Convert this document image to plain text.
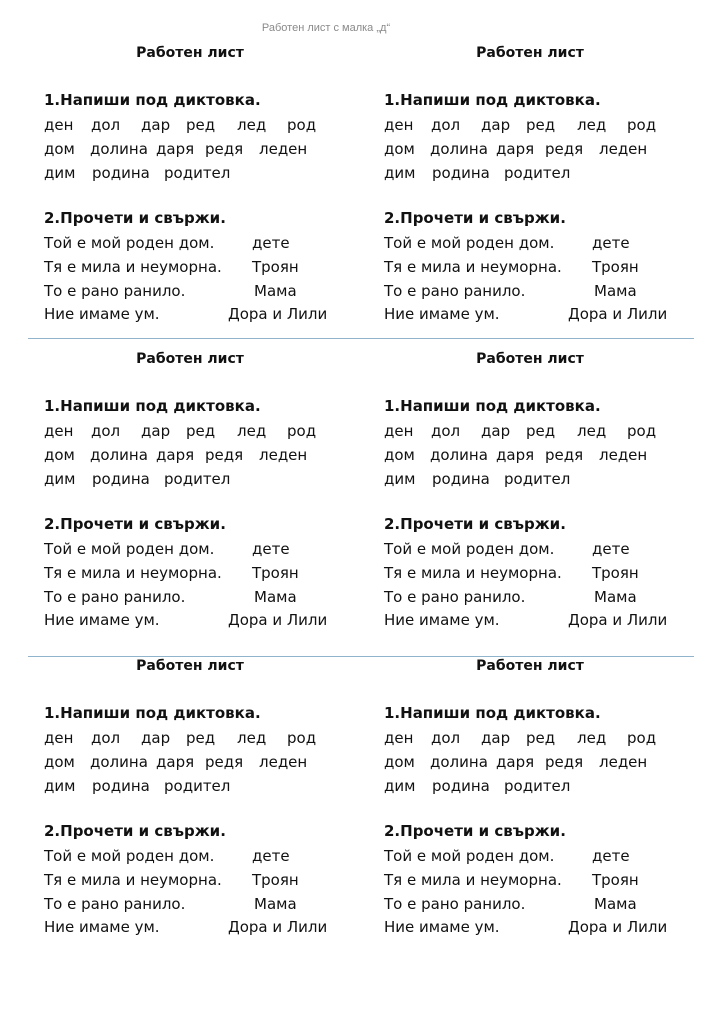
Работен лист с малка „д“
Работен лист
1.Напиши под диктовка.
ден дол дар ред лед род
дом долина даря редя леден
дим родина родител
2.Прочети и свържи.
Той е мой роден дом.	дете
Тя е мила и неуморна. Троян
То е рано ранило.	Мама
Ние имаме ум.	Дора и Лили
Работен лист
1.Напиши под диктовка.
ден дол дар ред лед род
дом долина даря редя леден
дим родина родител
2.Прочети и свържи.
Той е мой роден дом.	дете
Тя е мила и неуморна. Троян
То е рано ранило.	Мама
Ние имаме ум.	Дора и Лили
Работен лист
1.Напиши под диктовка.
ден дол дар ред лед род
дом долина даря редя леден
дим родина родител
2.Прочети и свържи.
Той е мой роден дом.	дете
Тя е мила и неуморна. Троян
То е рано ранило.	Мама
Ние имаме ум.	Дора и Лили
Работен лист
1.Напиши под диктовка.
ден дол дар ред лед род
дом долина даря редя леден
дим родина родител
2.Прочети и свържи.
Той е мой роден дом.	дете
Тя е мила и неуморна. Троян
То е рано ранило.	Мама
Ние имаме ум.	Дора и Лили
Работен лист
1.Напиши под диктовка.
ден дол дар ред лед род
дом долина даря редя леден
дим родина родител
2.Прочети и свържи.
Той е мой роден дом.	дете
Тя е мила и неуморна. Троян
То е рано ранило.	Мама
Ние имаме ум.	Дора и Лили
Работен лист
1.Напиши под диктовка.
ден дол дар ред лед род
дом долина даря редя леден
дим родина родител
2.Прочети и свържи.
Той е мой роден дом.	дете
Тя е мила и неуморна. Троян
То е рано ранило.	Мама
Ние имаме ум.	Дора и Лили
